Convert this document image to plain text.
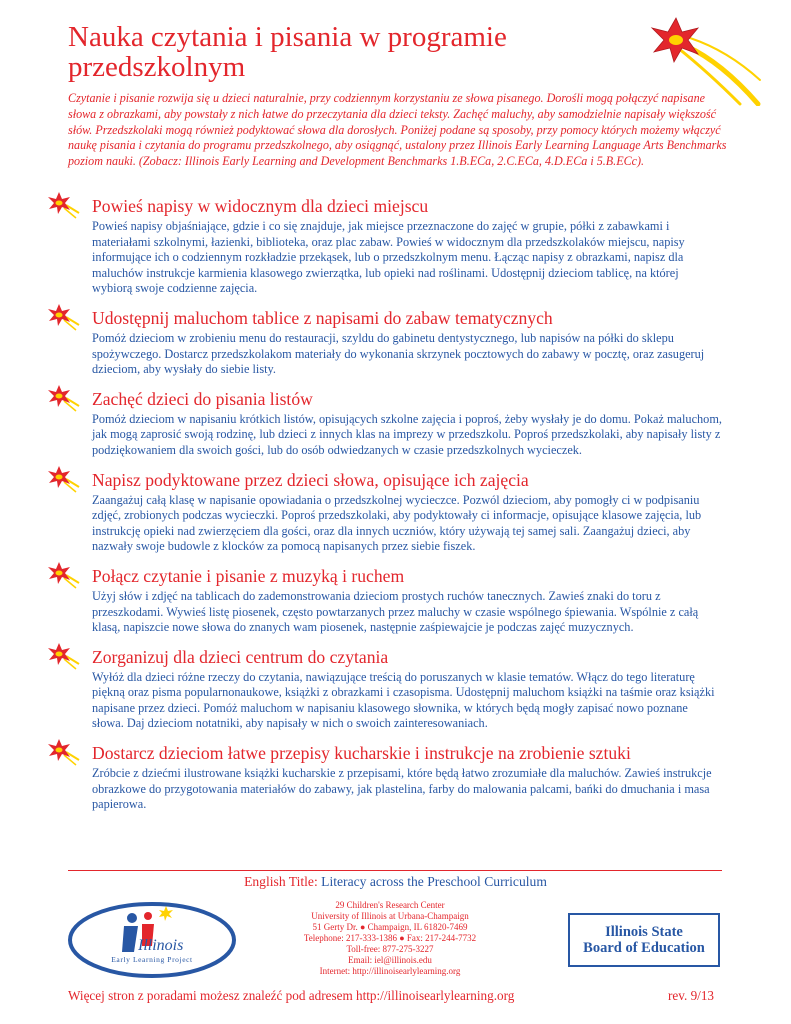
Nauka czytania i pisania w programie przedszkolnym

Czytanie i pisanie rozwija się u dzieci naturalnie, przy codziennym korzystaniu ze słowa pisanego. Dorośli mogą połączyć napisane słowa z obrazkami, aby powstały z nich łatwe do przeczytania dla dzieci teksty. Zachęć maluchy, aby samodzielnie napisały większość słów. Przedszkolaki mogą również podyktować słowa dla dorosłych. Poniżej podane są sposoby, przy pomocy których możemy włączyć naukę pisania i czytania do programu przedszkolnego, aby osiągnąć, ustalony przez Illinois Early Learning Language Arts Benchmarks poziom nauki. (Zobacz: Illinois Early Learning and Development Benchmarks 1.B.ECa, 2.C.ECa, 4.D.ECa i 5.B.ECc).

Powieś napisy w widocznym dla dzieci miejscu

Powieś napisy objaśniające, gdzie i co się znajduje, jak miejsce przeznaczone do zajęć w grupie, półki z zabawkami i materiałami szkolnymi, łazienki, biblioteka, oraz plac zabaw. Powieś w widocznym dla przedszkolaków miejscu, napisy informujące ich o codziennym rozkładzie przekąsek, lub o przedszkolnym menu. Łącząc napisy z obrazkami, napisz dla maluchów instrukcje karmienia klasowego zwierzątka, lub opieki nad roślinami. Udostępnij dzieciom tablicę, na której wybiorą swoje codzienne zajęcia.

Udostępnij maluchom tablice z napisami do zabaw tematycznych

Pomóż dzieciom w zrobieniu menu do restauracji, szyldu do gabinetu dentystycznego, lub napisów na półki do sklepu spożywczego. Dostarcz przedszkolakom materiały do wykonania skrzynek pocztowych do zabawy w pocztę, oraz zasugeruj dzieciom, aby wysłały do siebie listy.

Zachęć dzieci do pisania listów

Pomóż dzieciom w napisaniu krótkich listów, opisujących szkolne zajęcia i poproś, żeby wysłały je do domu. Pokaż maluchom, jak mogą zaprosić swoją rodzinę, lub dzieci z innych klas na imprezy w przedszkolu. Poproś przedszkolaki, aby napisały listy z podziękowaniem dla swoich gości, lub do osób odwiedzanych w czasie przedszkolnych wycieczek.

Napisz podyktowane przez dzieci słowa, opisujące ich zajęcia

Zaangażuj całą klasę w napisanie opowiadania o przedszkolnej wycieczce. Pozwól dzieciom, aby pomogły ci w podpisaniu zdjęć, zrobionych podczas wycieczki. Poproś przedszkolaki, aby podyktowały ci informacje, opisujące klasowe zajęcia, lub instrukcję opieki nad zwierzęciem dla gości, oraz dla innych uczniów, który używają tej samej sali. Zaangażuj dzieci, aby nazwały swoje budowle z klocków za pomocą napisanych przez siebie fiszek.

Połącz czytanie i pisanie z muzyką i ruchem

Użyj słów i zdjęć na tablicach do zademonstrowania dzieciom prostych ruchów tanecznych. Zawieś znaki do toru z przeszkodami. Wywieś listę piosenek, często powtarzanych przez maluchy w czasie wspólnego śpiewania. Wspólnie z całą klasą, napiszcie nowe słowa do znanych wam piosenek, następnie zaśpiewajcie je podczas zajęć muzycznych.

Zorganizuj dla dzieci centrum do czytania

Wyłóż dla dzieci różne rzeczy do czytania, nawiązujące treścią do poruszanych w klasie tematów. Włącz do tego literaturę piękną oraz pisma popularnonaukowe, książki z obrazkami i czasopisma. Udostępnij maluchom książki na taśmie oraz książki napisane przez dzieci. Pomóż maluchom w napisaniu klasowego słownika, w których będą mogły zapisać nowo poznane słowa. Daj dzieciom notatniki, aby napisały w nich o swoich zainteresowaniach.

Dostarcz dzieciom łatwe przepisy kucharskie i instrukcje na zrobienie sztuki

Zróbcie z dziećmi ilustrowane książki kucharskie z przepisami, które będą łatwo zrozumiałe dla maluchów. Zawieś instrukcje obrazkowe do przygotowania materiałów do zabawy, jak plastelina, farby do malowania palcami, bańki do dmuchania i masa papierowa.

English Title: Literacy across the Preschool Curriculum
Illinois
Early Learning Project
29 Children's Research Center
University of Illinois at Urbana-Champaign
51 Gerty Dr. ● Champaign, IL 61820-7469
Telephone: 217-333-1386 ● Fax: 217-244-7732
Toll-free: 877-275-3227
Email: iel@illinois.edu
Internet: http://illinoisearlylearning.org
Illinois State
Board of Education
Więcej stron z poradami możesz znaleźć pod adresem http://illinoisearlylearning.org	rev. 9/13
